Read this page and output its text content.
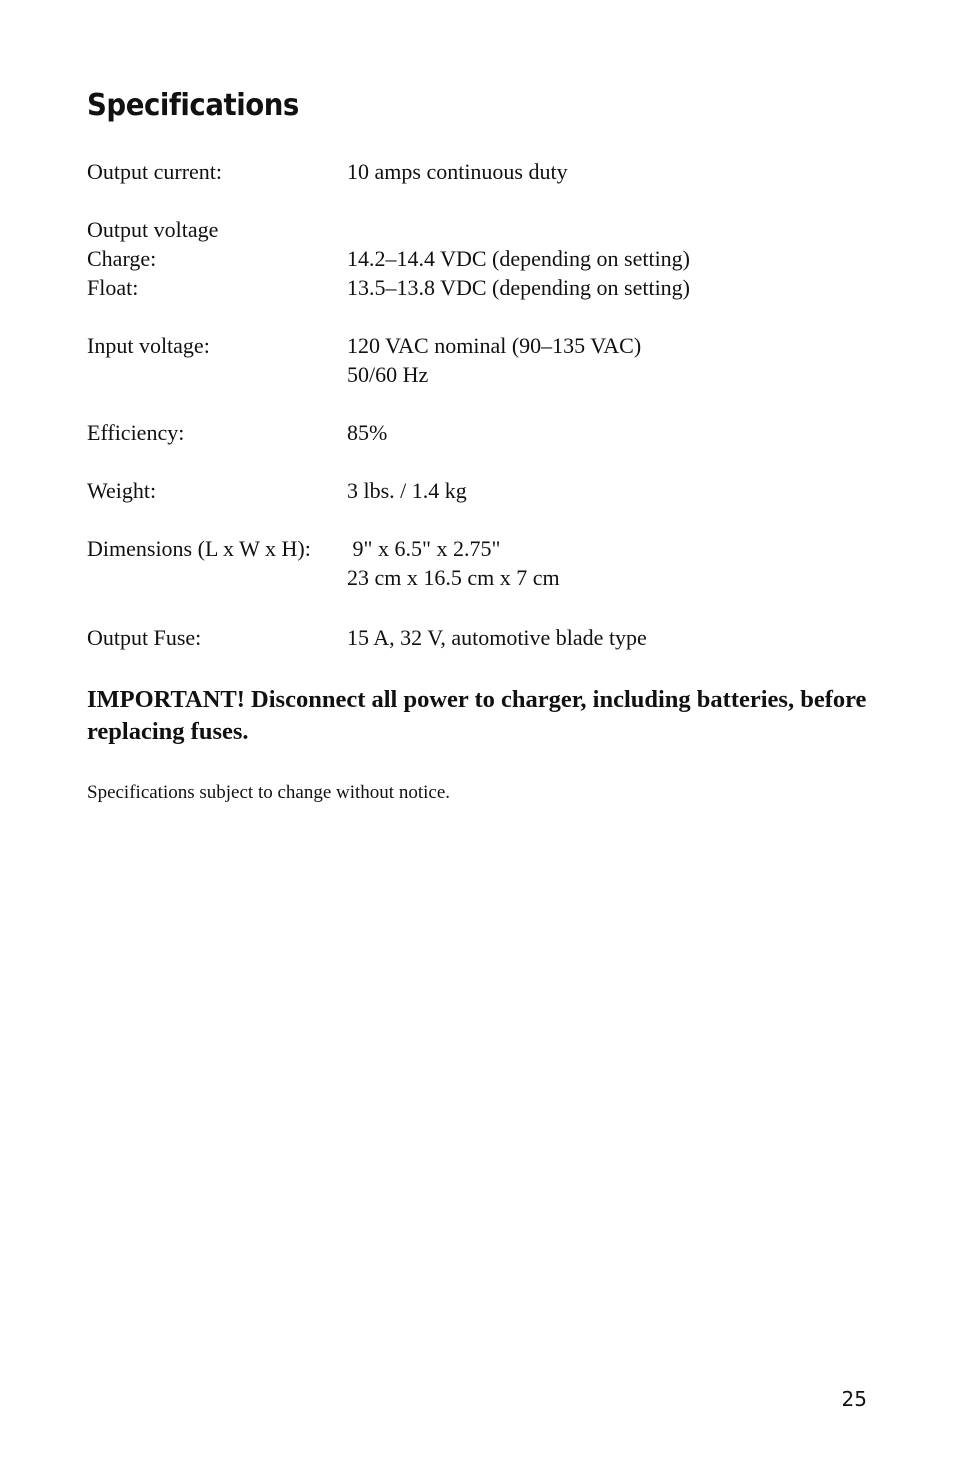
Specifications
Output current:	10 amps continuous duty
Output voltage
Charge:	14.2–14.4 VDC (depending on setting)
Float:	13.5–13.8 VDC (depending on setting)
Input voltage:	120 VAC nominal (90–135 VAC)
50/60 Hz
Efficiency:	85%
Weight:	3 lbs. / 1.4 kg
Dimensions (L x W x H): 9" x 6.5" x 2.75"
23 cm x 16.5 cm x 7 cm
Output Fuse:	15 A, 32 V, automotive blade type
IMPORTANT! Disconnect all power to charger, including batteries, before replacing fuses.
Specifications subject to change without notice.
25
